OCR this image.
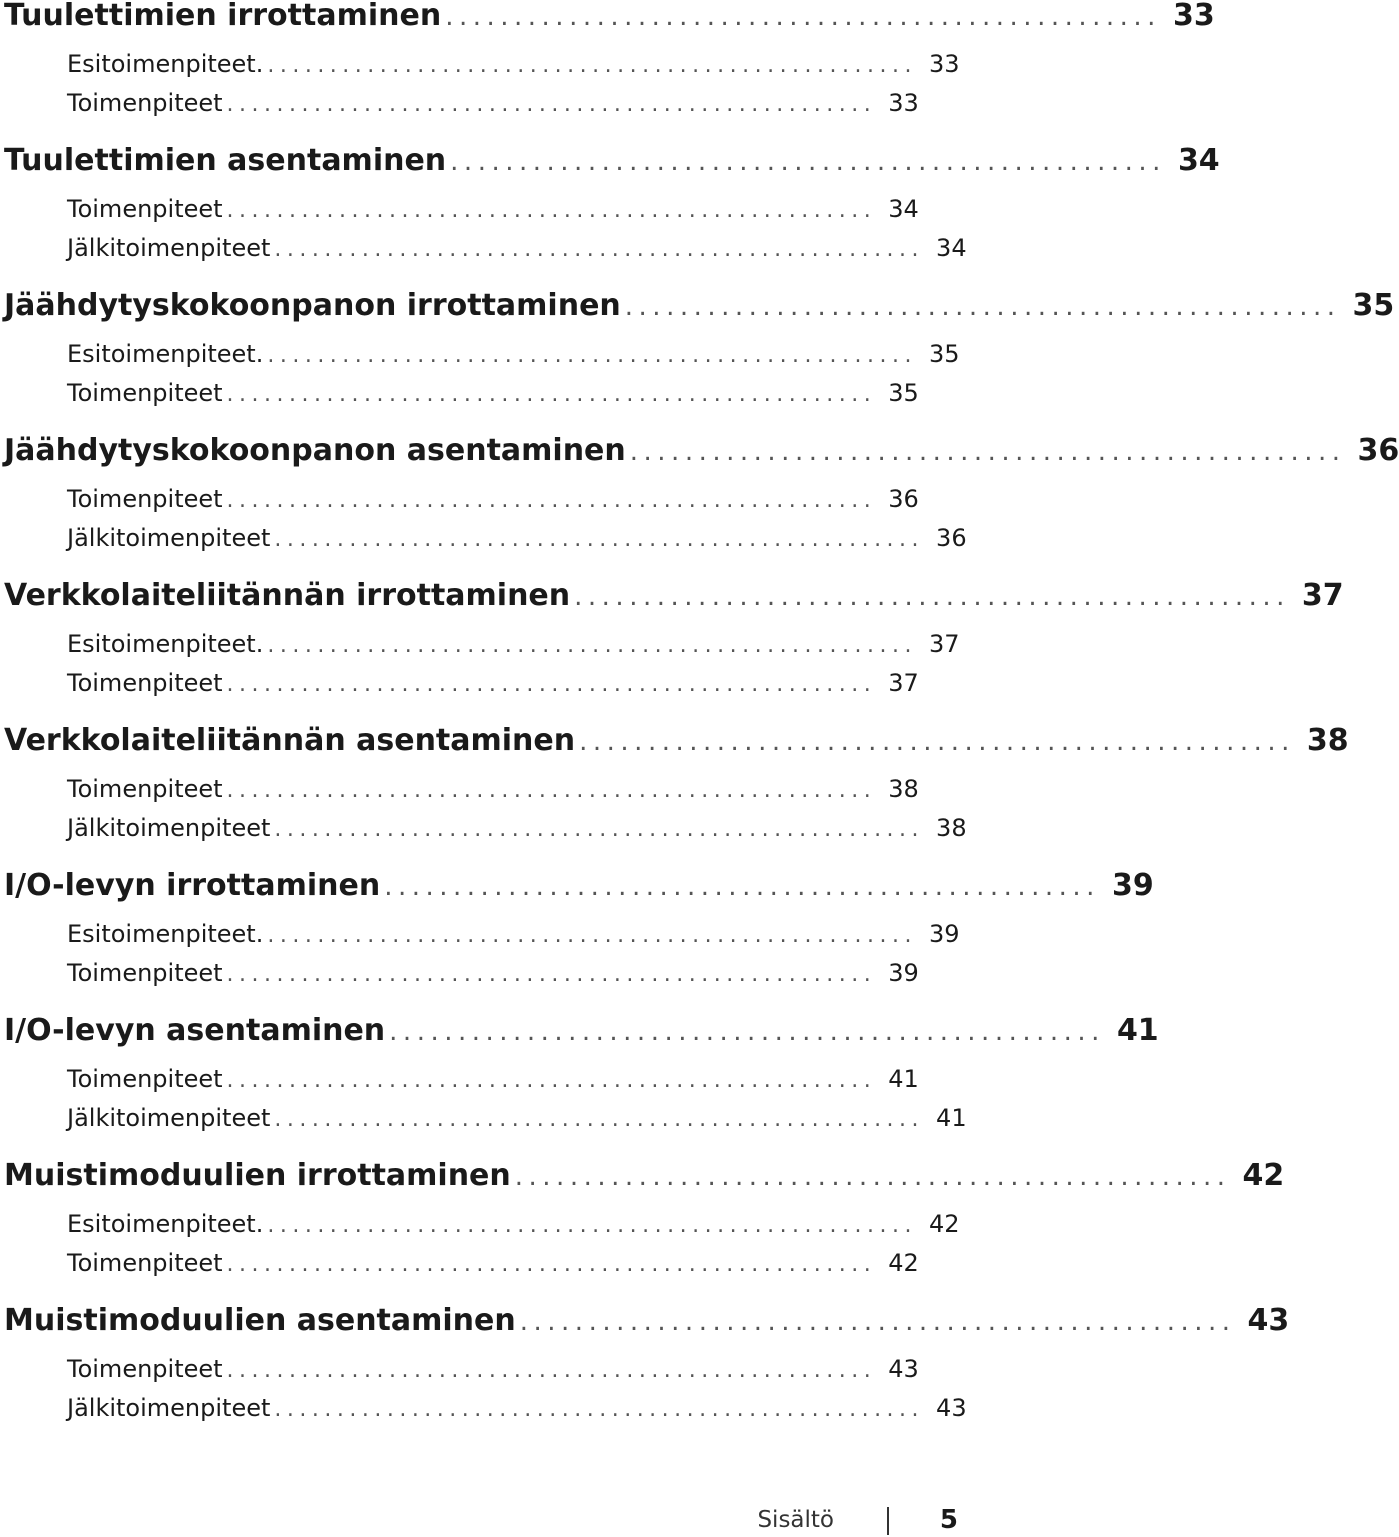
Tuulettimien irrottaminen .................................................... 33
Esitoimenpiteet. .................................................... 33
Toimenpiteet .................................................... 33
Tuulettimien asentaminen .................................................... 34
Toimenpiteet .................................................... 34
Jälkitoimenpiteet .................................................... 34
Jäähdytyskokoonpanon irrottaminen .................................................... 35
Esitoimenpiteet. .................................................... 35
Toimenpiteet .................................................... 35
Jäähdytyskokoonpanon asentaminen .................................................... 36
Toimenpiteet .................................................... 36
Jälkitoimenpiteet .................................................... 36
Verkkolaiteliitännän irrottaminen .................................................... 37
Esitoimenpiteet. .................................................... 37
Toimenpiteet .................................................... 37
Verkkolaiteliitännän asentaminen .................................................... 38
Toimenpiteet .................................................... 38
Jälkitoimenpiteet .................................................... 38
I/O-levyn irrottaminen .................................................... 39
Esitoimenpiteet. .................................................... 39
Toimenpiteet .................................................... 39
I/O-levyn asentaminen .................................................... 41
Toimenpiteet .................................................... 41
Jälkitoimenpiteet .................................................... 41
Muistimoduulien irrottaminen .................................................... 42
Esitoimenpiteet. .................................................... 42
Toimenpiteet .................................................... 42
Muistimoduulien asentaminen .................................................... 43
Toimenpiteet .................................................... 43
Jälkitoimenpiteet .................................................... 43
Sisältö	5
